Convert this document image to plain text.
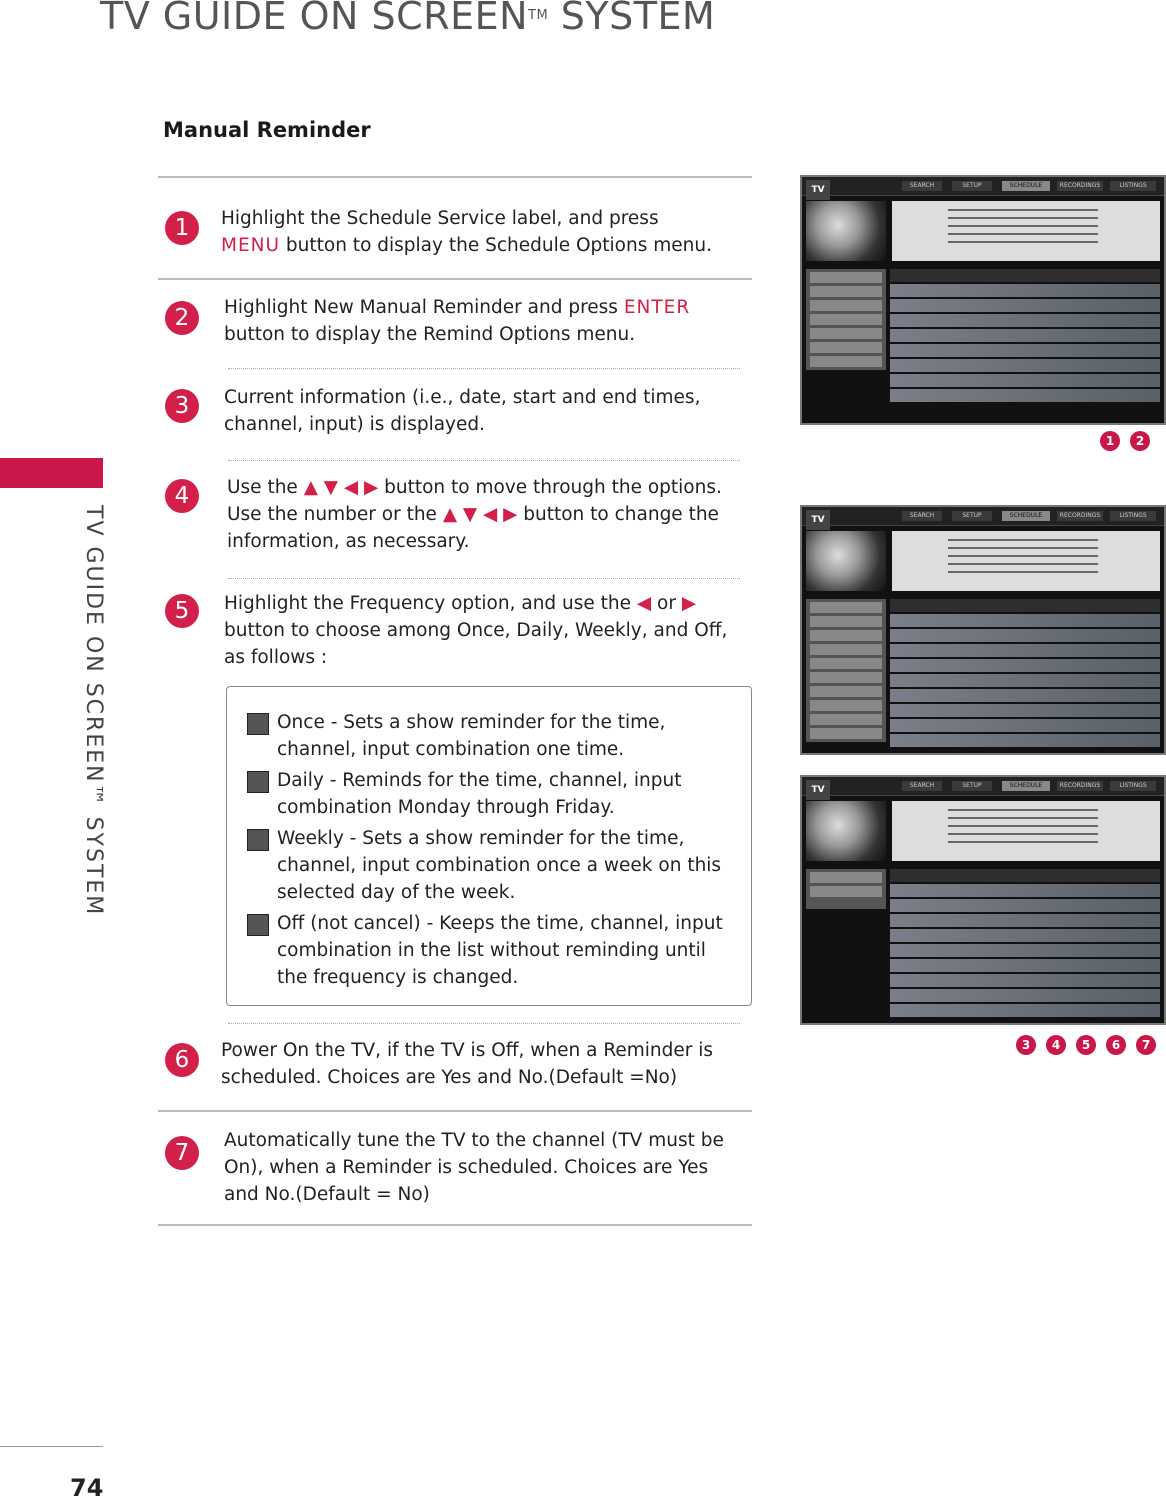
TV GUIDE ON SCREEN™ SYSTEM
Manual Reminder
TV GUIDE ON SCREEN™ SYSTEM
1	Highlight the Schedule Service label, and press MENU button to display the Schedule Options menu.

2	Highlight New Manual Reminder and press ENTER button to display the Remind Options menu.

3	Current information (i.e., date, start and end times, channel, input) is displayed.
4	Use the ▲ ▼ ◀ ▶ button to move through the options.

Use the number or the ▲ ▼ ◀ ▶ button to change the information, as necessary.

5	Highlight the Frequency option, and use the ◀ or ▶ button to choose among Once, Daily, Weekly, and Off, as follows :

Once - Sets a show reminder for the time, channel, input combination one time.
Daily - Reminds for the time, channel, input combination Monday through Friday.
Weekly - Sets a show reminder for the time, channel, input combination once a week on this selected day of the week.
Off (not cancel) - Keeps the time, channel, input combination in the list without reminding until the frequency is changed.
6	Power On the TV, if the TV is Off, when a Reminder is scheduled. Choices are Yes and No.(Default =No)
7	Automatically tune the TV to the channel (TV must be On), when a Reminder is scheduled. Choices are Yes and No.(Default = No)
SEARCH	SETUP	SCHEDULE	RECORDINGS	LISTINGS
TV
1 2
SEARCH	SETUP	SCHEDULE	RECORDINGS	LISTINGS
TV
SEARCH	SETUP	SCHEDULE	RECORDINGS	LISTINGS
TV
3 4 5 6 7
74
